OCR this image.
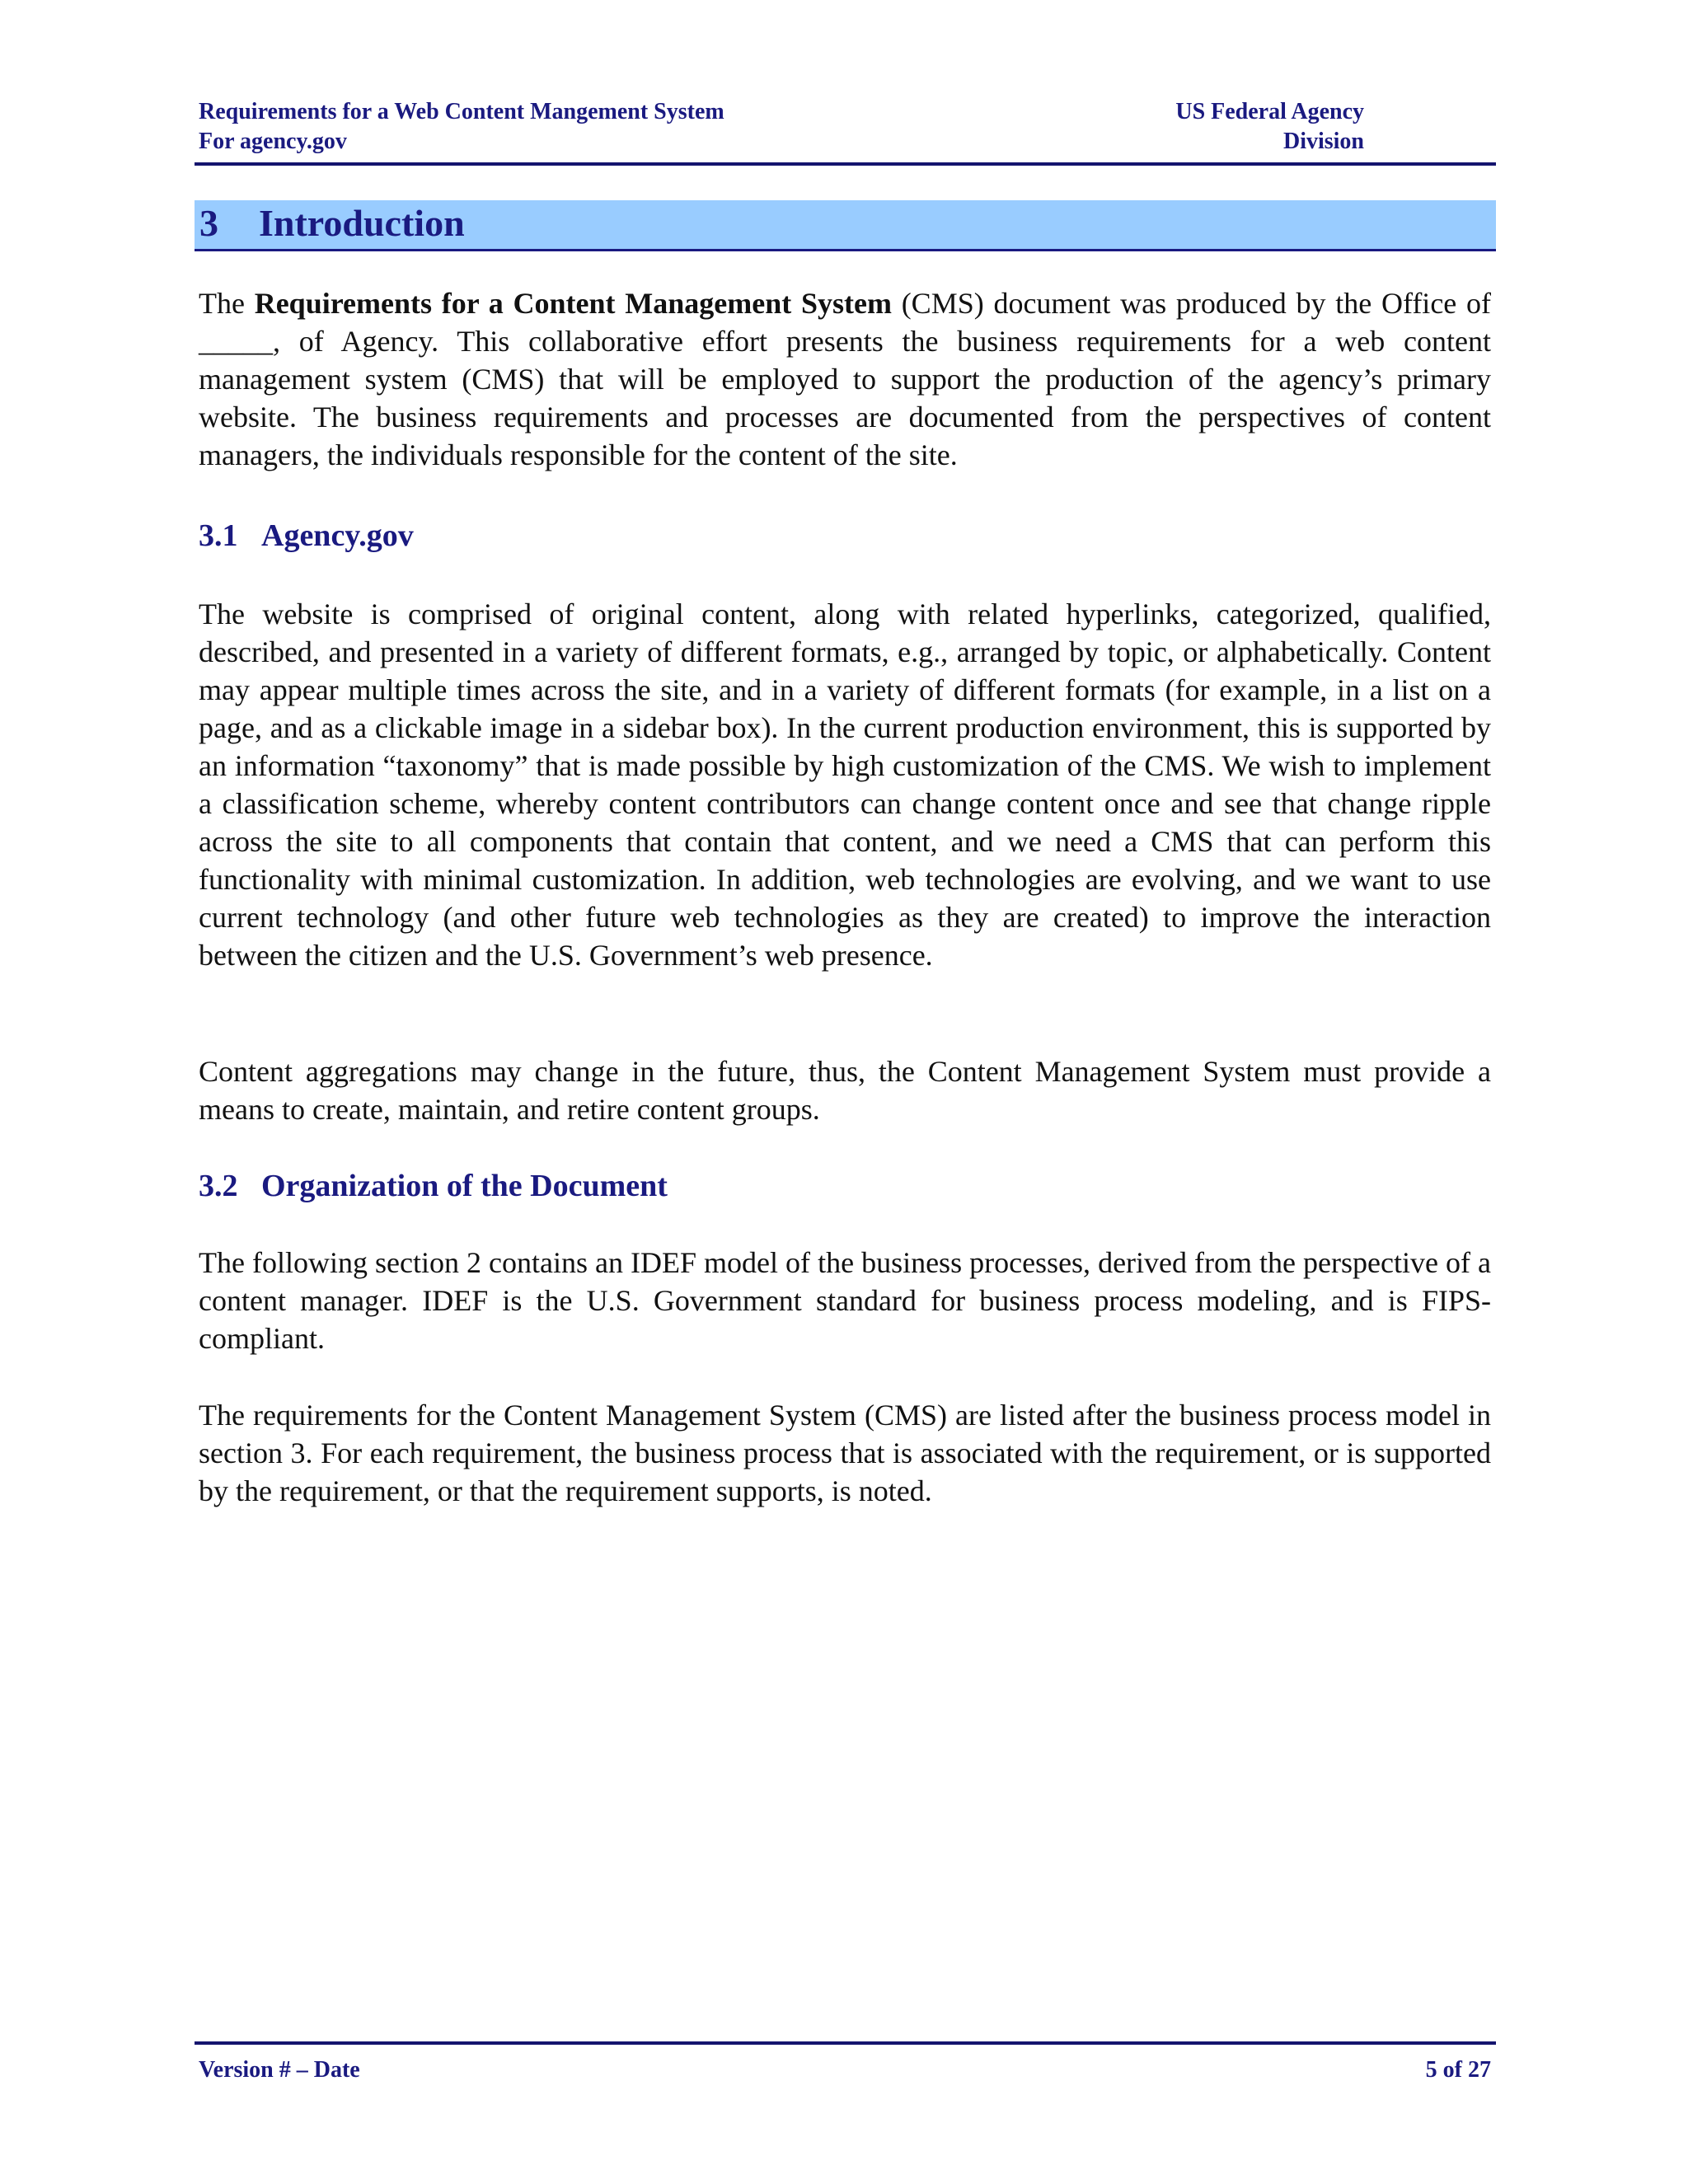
Requirements for a Web Content Mangement System
For agency.gov
US Federal Agency
Division
3 Introduction
The Requirements for a Content Management System (CMS) document was produced by the Office of _____, of Agency. This collaborative effort presents the business requirements for a web content management system (CMS) that will be employed to support the production of the agency’s primary website. The business requirements and processes are documented from the perspectives of content managers, the individuals responsible for the content of the site.
3.1 Agency.gov
The website is comprised of original content, along with related hyperlinks, categorized, qualified, described, and presented in a variety of different formats, e.g., arranged by topic, or alphabetically. Content may appear multiple times across the site, and in a variety of different formats (for example, in a list on a page, and as a clickable image in a sidebar box). In the current production environment, this is supported by an information “taxonomy” that is made possible by high customization of the CMS. We wish to implement a classification scheme, whereby content contributors can change content once and see that change ripple across the site to all components that contain that content, and we need a CMS that can perform this functionality with minimal customization. In addition, web technologies are evolving, and we want to use current technology (and other future web technologies as they are created) to improve the interaction between the citizen and the U.S. Government’s web presence.
Content aggregations may change in the future, thus, the Content Management System must provide a means to create, maintain, and retire content groups.
3.2 Organization of the Document
The following section 2 contains an IDEF model of the business processes, derived from the perspective of a content manager. IDEF is the U.S. Government standard for business process modeling, and is FIPS-compliant.
The requirements for the Content Management System (CMS) are listed after the business process model in section 3. For each requirement, the business process that is associated with the requirement, or is supported by the requirement, or that the requirement supports, is noted.
Version # – Date	5 of 27
